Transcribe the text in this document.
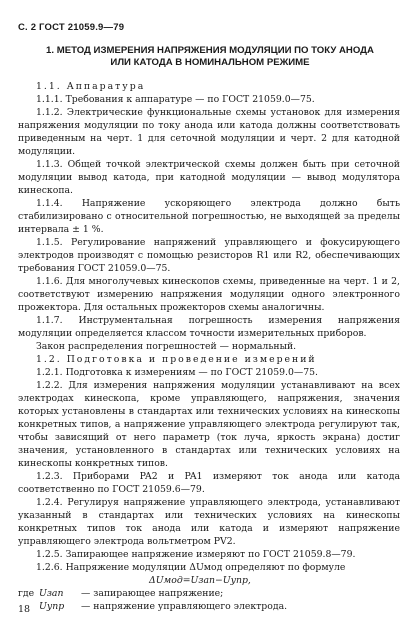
С. 2 ГОСТ 21059.9—79
1. МЕТОД ИЗМЕРЕНИЯ НАПРЯЖЕНИЯ МОДУЛЯЦИИ ПО ТОКУ АНОДА
ИЛИ КАТОДА В НОМИНАЛЬНОМ РЕЖИМЕ

1.1. Аппаратура

1.1.1. Требования к аппаратуре — по ГОСТ 21059.0—75.

1.1.2. Электрические функциональные схемы установок для измерения напряжения модуляции по току анода или катода должны соответствовать приведенным на черт. 1 для сеточной модуляции и черт. 2 для катодной модуляции.

1.1.3. Общей точкой электрической схемы должен быть при сеточной модуляции вывод катода, при катодной модуляции — вывод модулятора кинескопа.

1.1.4. Напряжение ускоряющего электрода должно быть стабилизировано с относительной погрешностью, не выходящей за пределы интервала ± 1 %.

1.1.5. Регулирование напряжений управляющего и фокусирующего электродов производят с помощью резисторов R1 или R2, обеспечивающих требования ГОСТ 21059.0—75.

1.1.6. Для многолучевых кинескопов схемы, приведенные на черт. 1 и 2, соответствуют измерению напряжения модуляции одного электронного прожектора. Для остальных прожекторов схемы аналогичны.

1.1.7. Инструментальная погрешность измерения напряжения модуляции определяется классом точности измерительных приборов.

Закон распределения погрешностей — нормальный.

1.2. Подготовка и проведение измерений

1.2.1. Подготовка к измерениям — по ГОСТ 21059.0—75.

1.2.2. Для измерения напряжения модуляции устанавливают на всех электродах кинескопа, кроме управляющего, напряжения, значения которых установлены в стандартах или технических условиях на кинескопы конкретных типов, а напряжение управляющего электрода регулируют так, чтобы зависящий от него параметр (ток луча, яркость экрана) достиг значения, установленного в стандартах или технических условиях на кинескопы конкретных типов.

1.2.3. Приборами PA2 и PA1 измеряют ток анода или катода соответственно по ГОСТ 21059.6—79.

1.2.4. Регулируя напряжение управляющего электрода, устанавливают указанный в стандартах или технических условиях на кинескопы конкретных типов ток анода или катода и измеряют напряжение управляющего электрода вольтметром PV2.

1.2.5. Запирающее напряжение измеряют по ГОСТ 21059.8—79.

1.2.6. Напряжение модуляции ΔUмод определяют по формуле

ΔUмод=Uзап−Uупр,

где Uзап — запирающее напряжение;

Uупр — напряжение управляющего электрода.

18
